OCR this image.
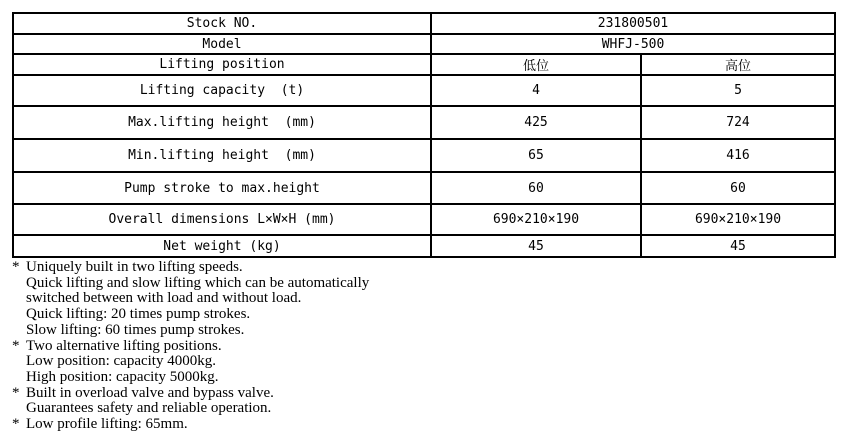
Stock NO.	231800501	
Model	WHFJ-500	
Lifting position	低位	高位
Lifting capacity  (t)	4	5
Max.lifting height  (mm)	425	724
Min.lifting height  (mm)	65	416
Pump stroke to max.height	60	60
Overall dimensions L×W×H (mm)	690×210×190	690×210×190
Net weight (kg)	45	45
* Uniquely built in two lifting speeds.
Quick lifting and slow lifting which can be automatically
switched between with load and without load.
Quick lifting: 20 times pump strokes.
Slow lifting: 60 times pump strokes.
* Two alternative lifting positions.
Low position: capacity 4000kg.
High position: capacity 5000kg.
* Built in overload valve and bypass valve.
Guarantees safety and reliable operation.
* Low profile lifting: 65mm.
